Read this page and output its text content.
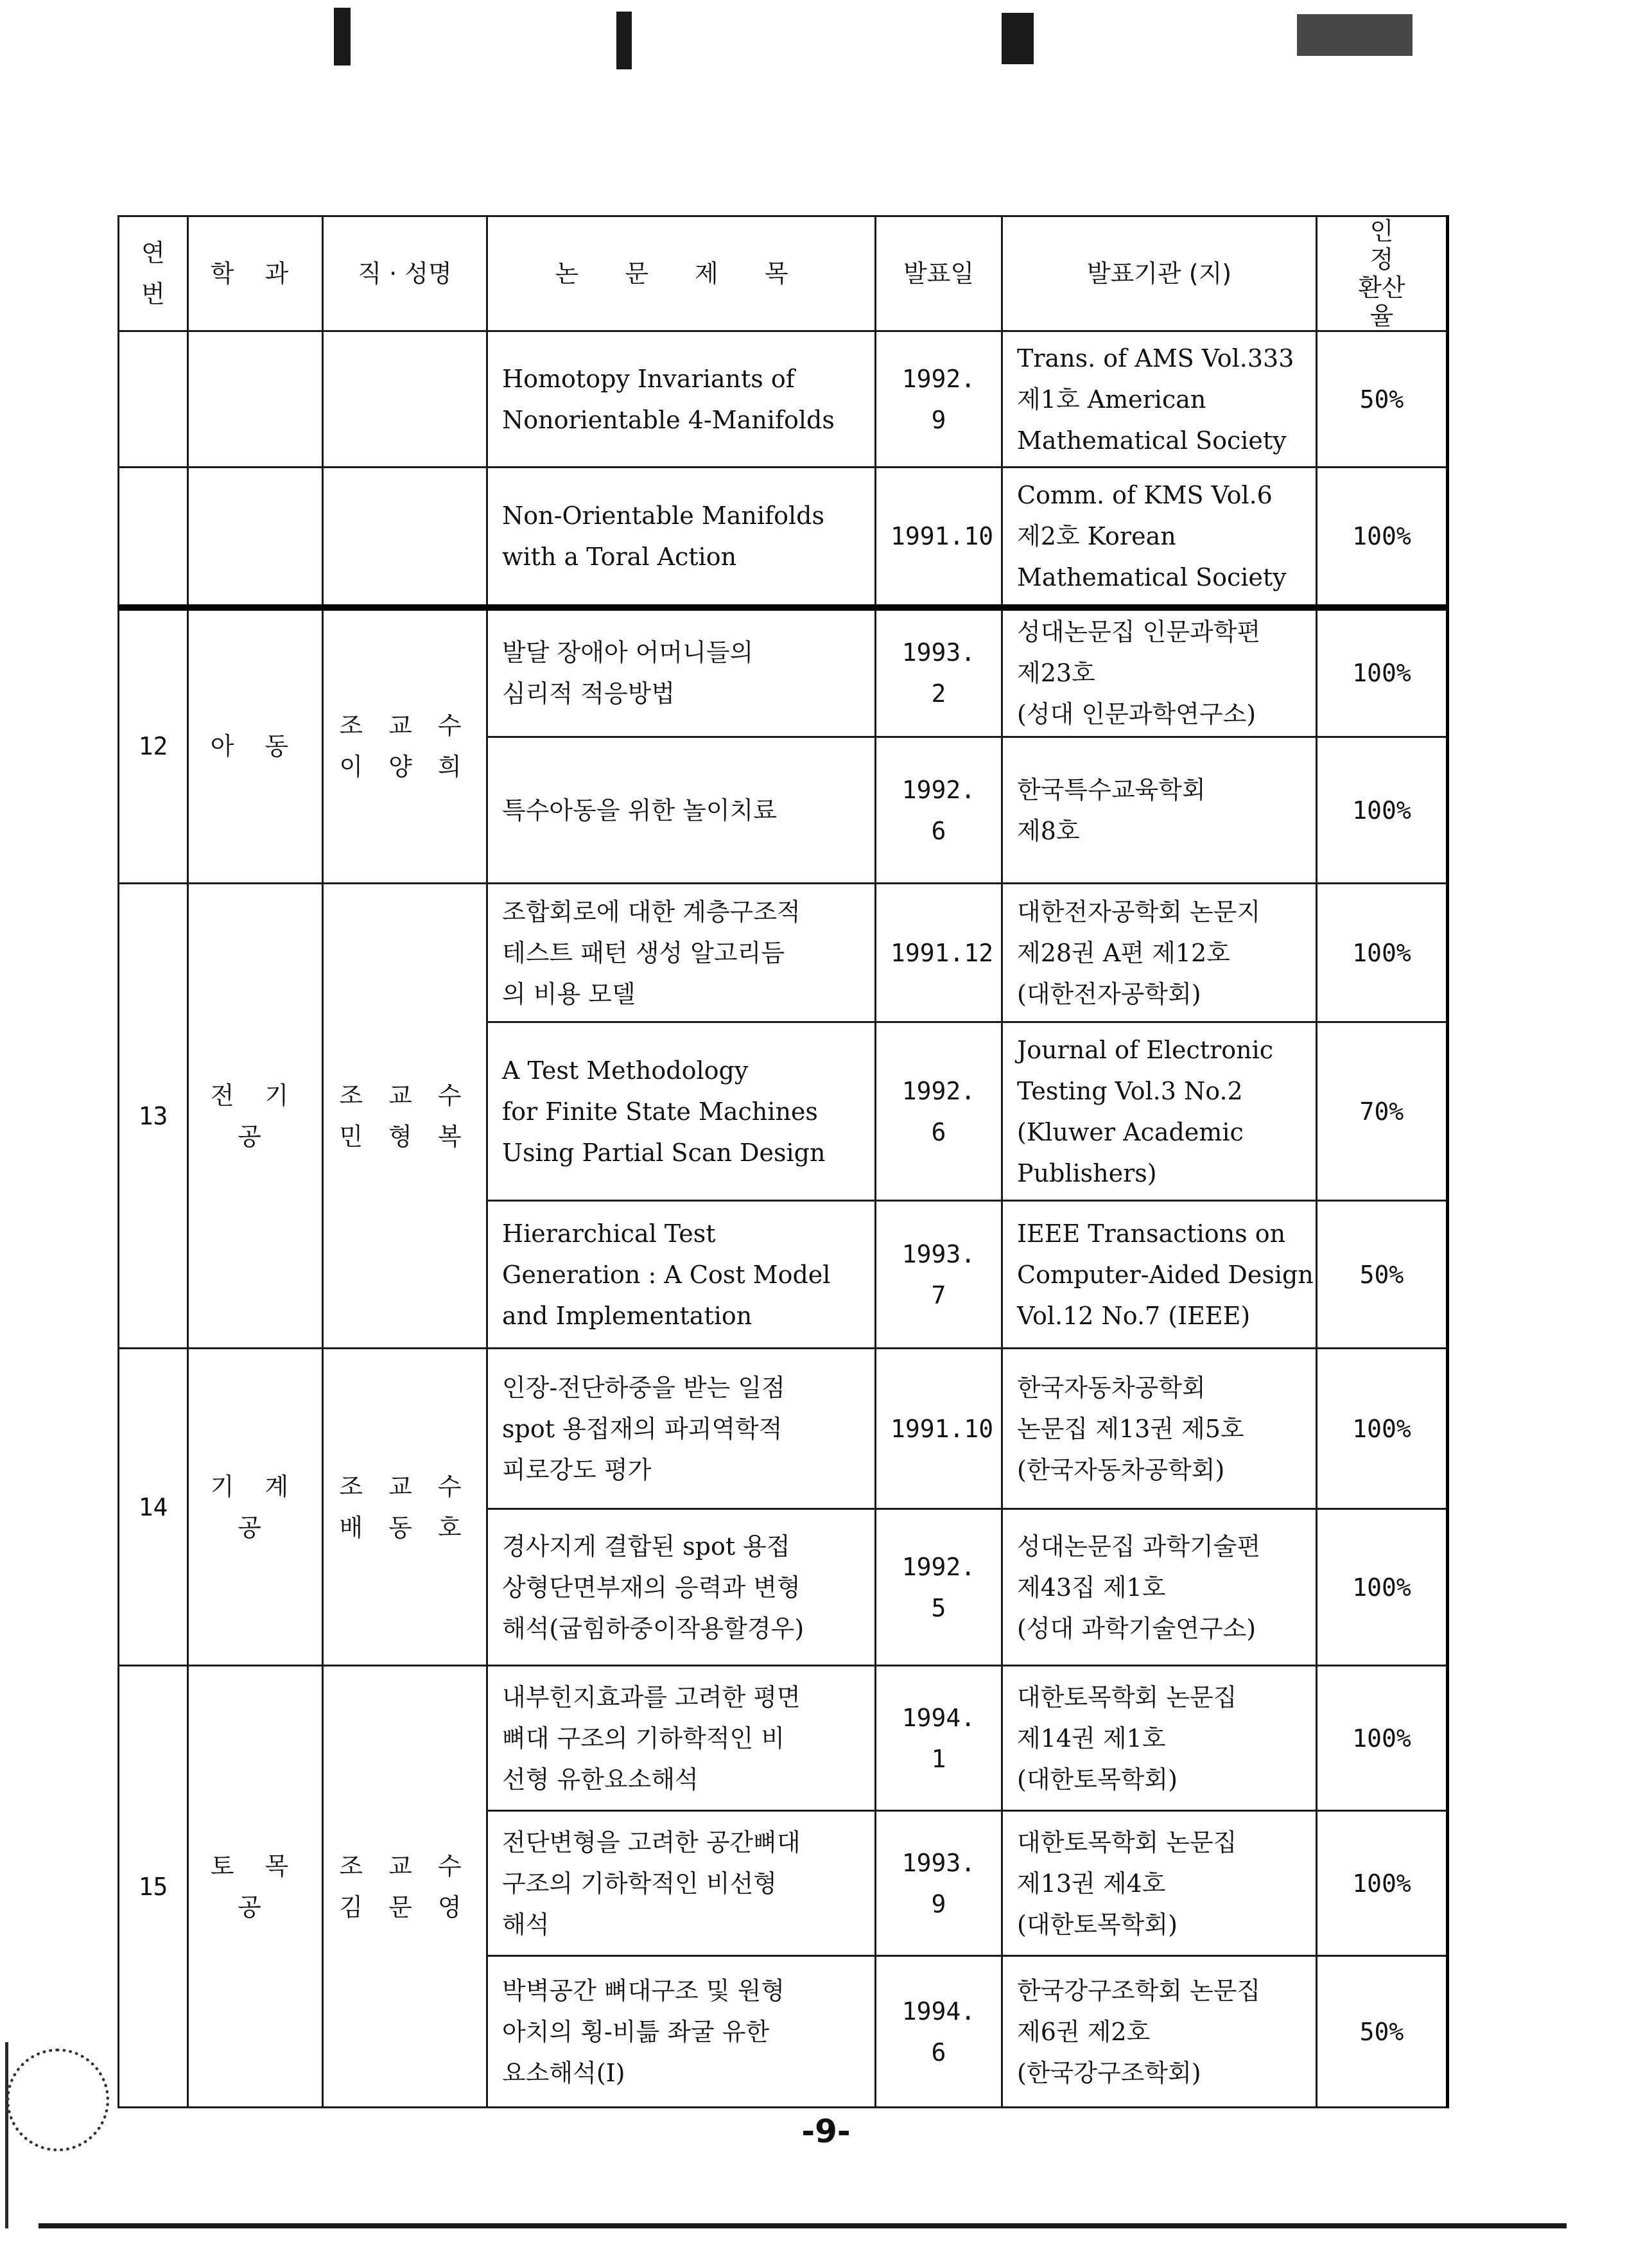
연번	학 과	직 · 성명	논 문 제 목	발표일	발표기관 (지)	인 정 환산율

			Homotopy Invariants of
Nonorientable 4-Manifolds	1992. 9	Trans. of AMS Vol.333
제1호 American
Mathematical Society	50%

			Non-Orientable Manifolds
with a Toral Action	1991.10	Comm. of KMS Vol.6
제2호 Korean
Mathematical Society	100%
12	아 동	조 교 수
이 양 희	발달 장애아 어머니들의
심리적 적응방법	1993. 2	성대논문집 인문과학편
제23호
(성대 인문과학연구소)	100%

			특수아동을 위한 놀이치료	1992. 6	한국특수교육학회
제8호	100%
13	전 기 공	조 교 수
민 형 복	조합회로에 대한 계층구조적
테스트 패턴 생성 알고리듬
의 비용 모델	1991.12	대한전자공학회 논문지
제28권 A편 제12호
(대한전자공학회)	100%

			A Test Methodology
for Finite State Machines
Using Partial Scan Design	1992. 6	Journal of Electronic
Testing Vol.3 No.2
(Kluwer Academic
Publishers)	70%

			Hierarchical Test
Generation : A Cost Model
and Implementation	1993. 7	IEEE Transactions on
Computer-Aided Design
Vol.12 No.7 (IEEE)	50%
14	기 계 공	조 교 수
배 동 호	인장-전단하중을 받는 일점
spot 용접재의 파괴역학적
피로강도 평가	1991.10	한국자동차공학회
논문집 제13권 제5호
(한국자동차공학회)	100%

			경사지게 결합된 spot 용접
상형단면부재의 응력과 변형
해석(굽힘하중이작용할경우)	1992. 5	성대논문집 과학기술편
제43집 제1호
(성대 과학기술연구소)	100%
15	토 목 공	조 교 수
김 문 영	내부힌지효과를 고려한 평면
뼈대 구조의 기하학적인 비
선형 유한요소해석	1994. 1	대한토목학회 논문집
제14권 제1호
(대한토목학회)	100%

			전단변형을 고려한 공간뼈대
구조의 기하학적인 비선형
해석	1993. 9	대한토목학회 논문집
제13권 제4호
(대한토목학회)	100%

			박벽공간 뼈대구조 및 원형
아치의 횡-비틂 좌굴 유한
요소해석(Ⅰ)	1994. 6	한국강구조학회 논문집
제6권 제2호
(한국강구조학회)	50%
-9-
